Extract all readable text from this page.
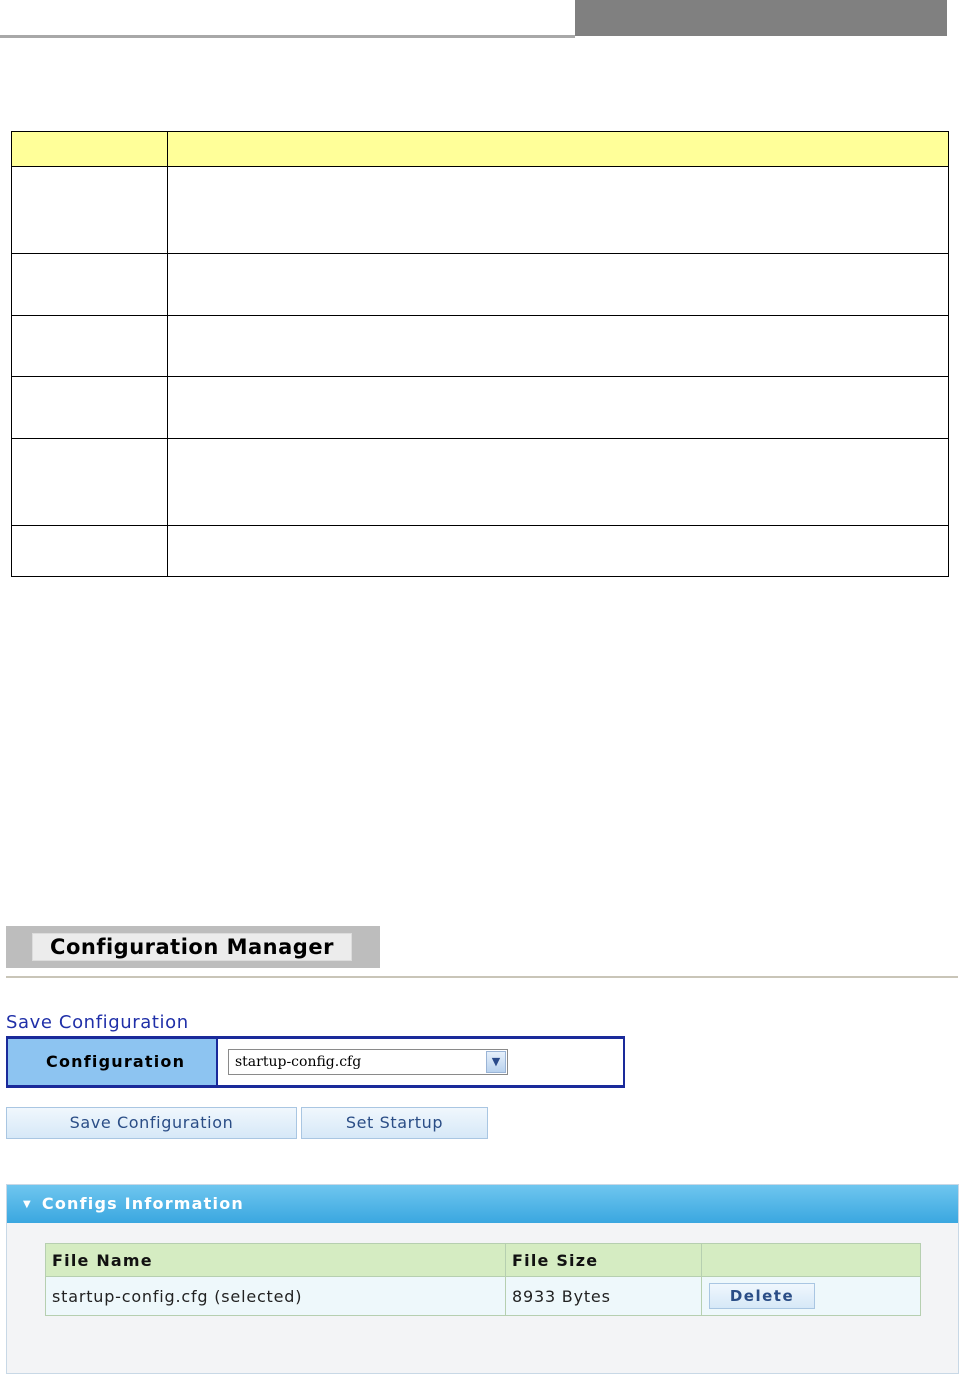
Configuration Manager
Save Configuration
Configuration	startup-config.cfg	▼
Save Configuration	Set Startup
▼ Configs Information
File Name	File Size	
startup-config.cfg (selected)	8933 Bytes	Delete
